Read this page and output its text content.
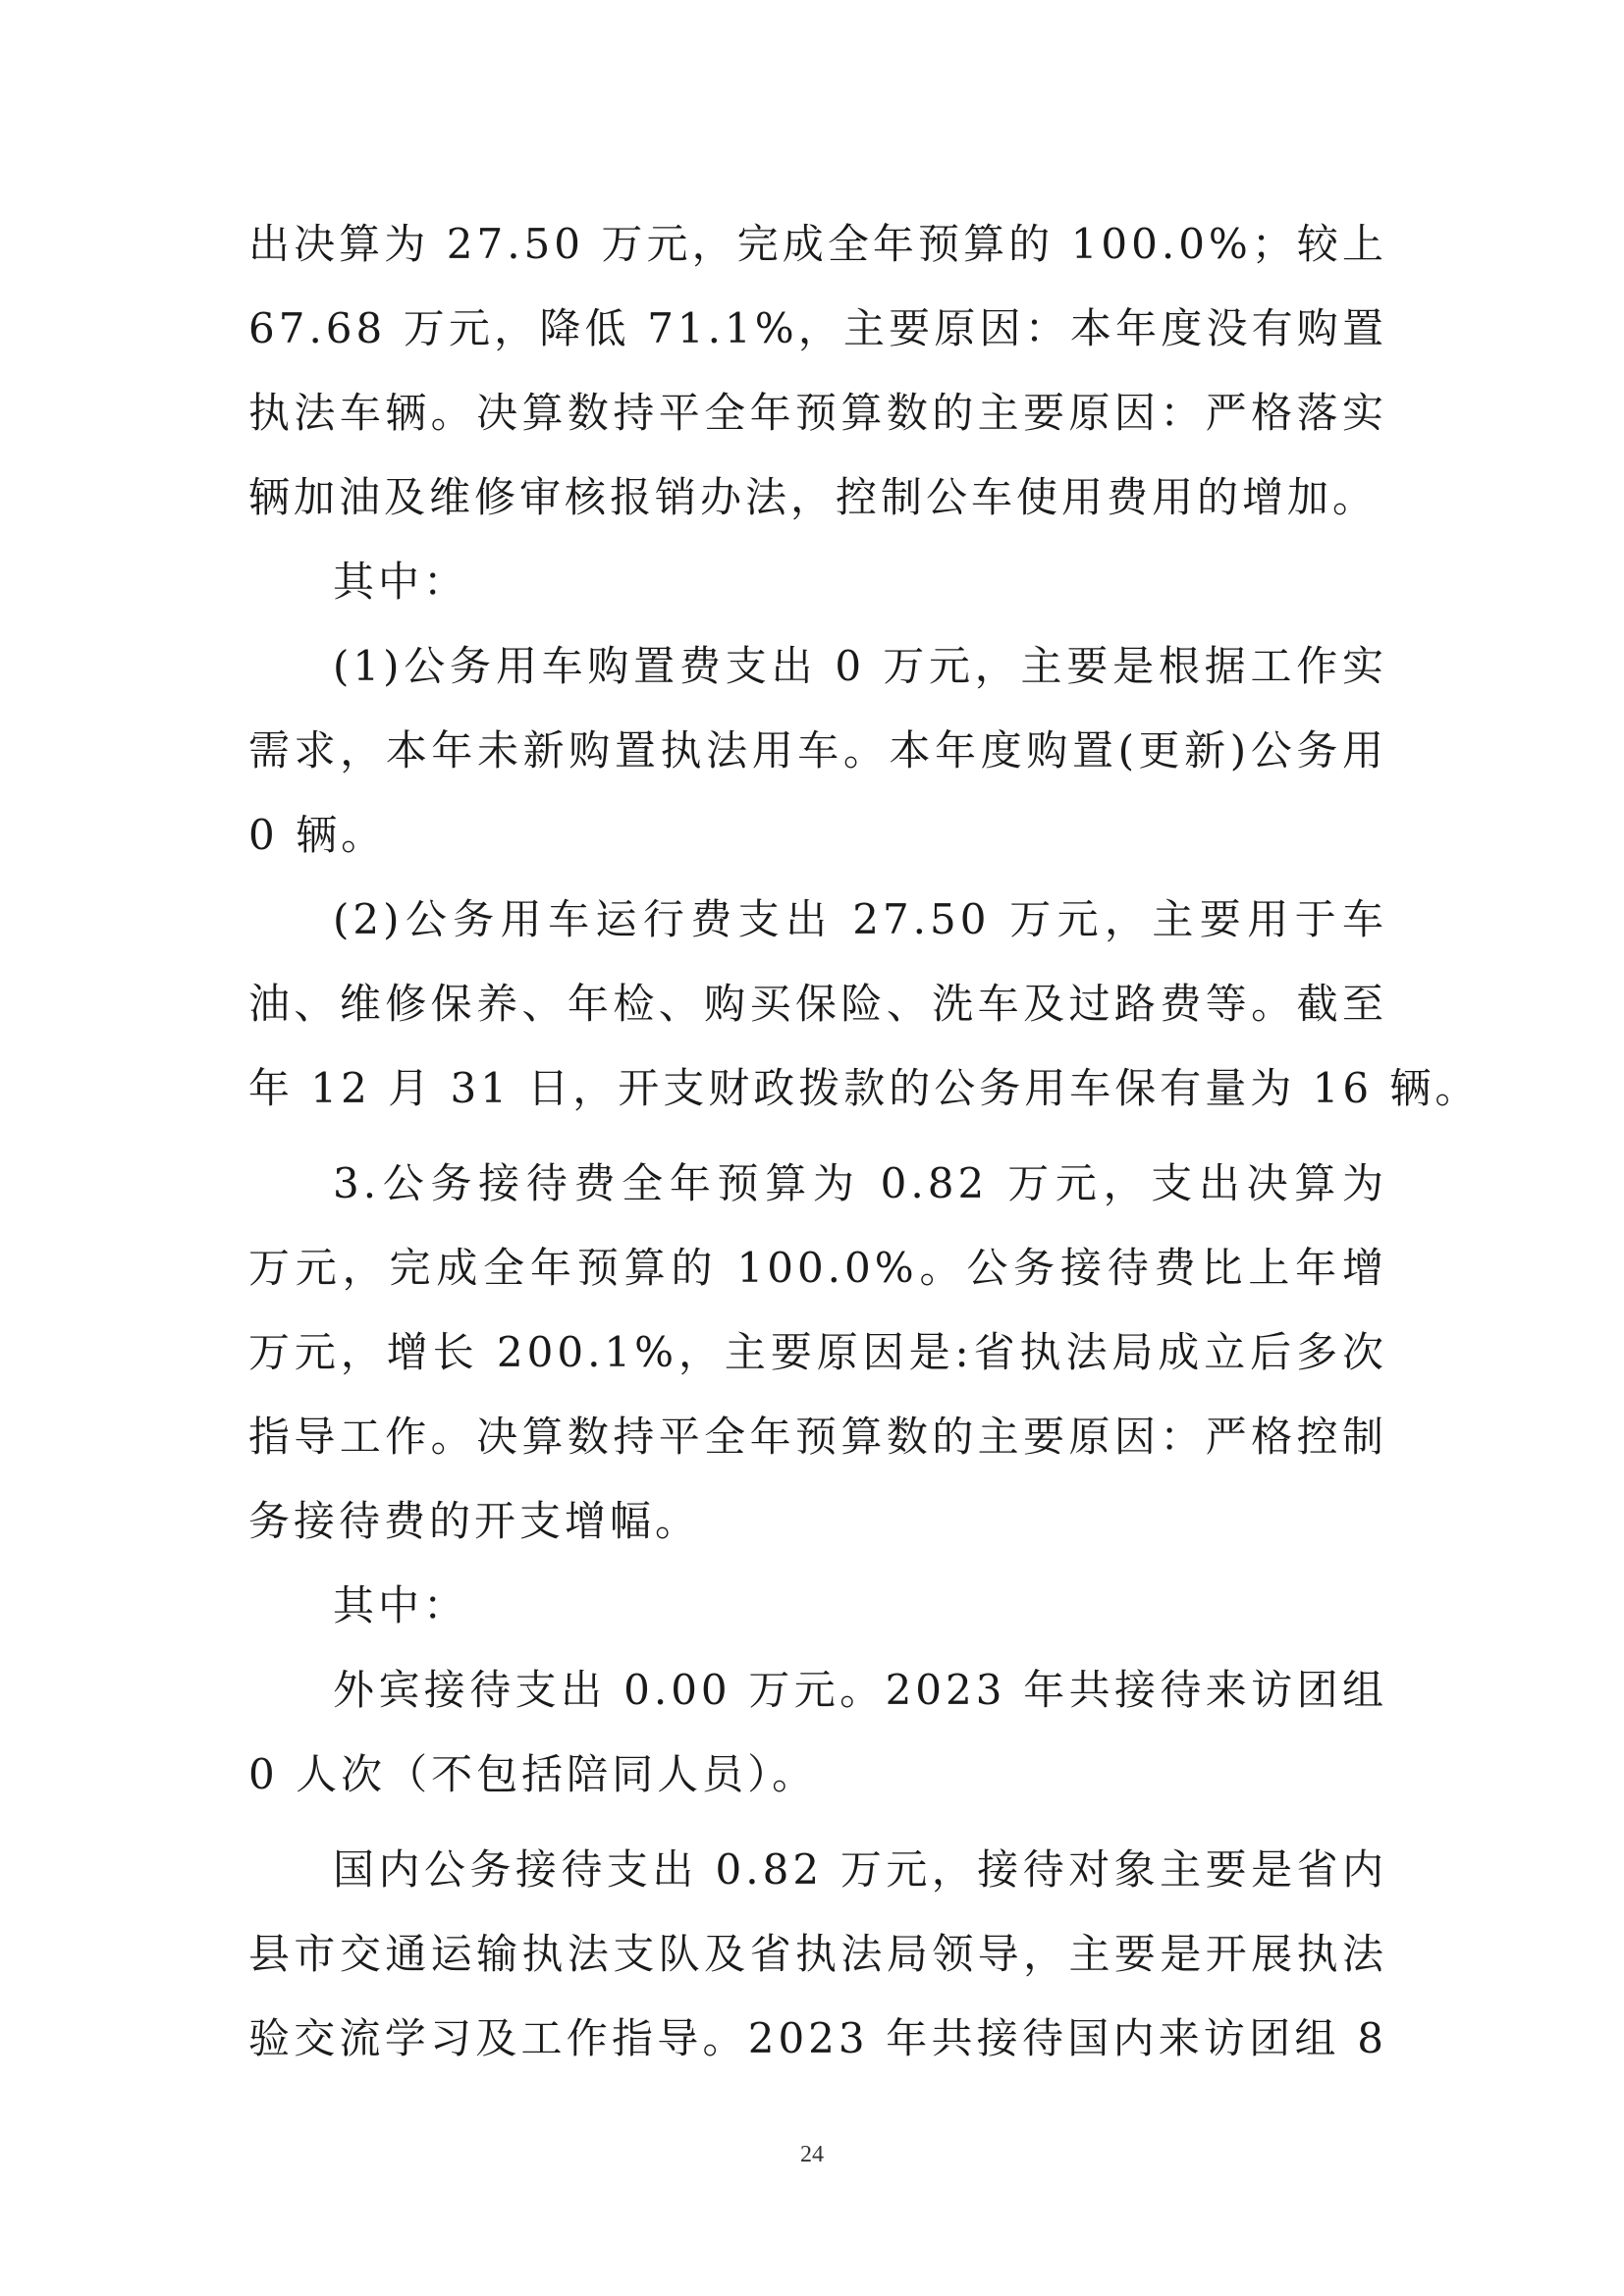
出决算为 27.50 万元，完成全年预算的 100.0%；较上
67.68 万元，降低 71.1%，主要原因：本年度没有购置
执法车辆。决算数持平全年预算数的主要原因：严格落实
辆加油及维修审核报销办法，控制公车使用费用的增加。
其中：
(1)公务用车购置费支出 0 万元，主要是根据工作实
需求，本年未新购置执法用车。本年度购置(更新)公务用
0 辆。
(2)公务用车运行费支出 27.50 万元，主要用于车
油、维修保养、年检、购买保险、洗车及过路费等。截至
年 12 月 31 日，开支财政拨款的公务用车保有量为 16 辆。
3.公务接待费全年预算为 0.82 万元，支出决算为
万元，完成全年预算的 100.0%。公务接待费比上年增
万元，增长 200.1%，主要原因是:省执法局成立后多次
指导工作。决算数持平全年预算数的主要原因：严格控制
务接待费的开支增幅。
其中：
外宾接待支出 0.00 万元。2023 年共接待来访团组
0 人次（不包括陪同人员）。
国内公务接待支出 0.82 万元，接待对象主要是省内
县市交通运输执法支队及省执法局领导，主要是开展执法
验交流学习及工作指导。2023 年共接待国内来访团组 8
24
